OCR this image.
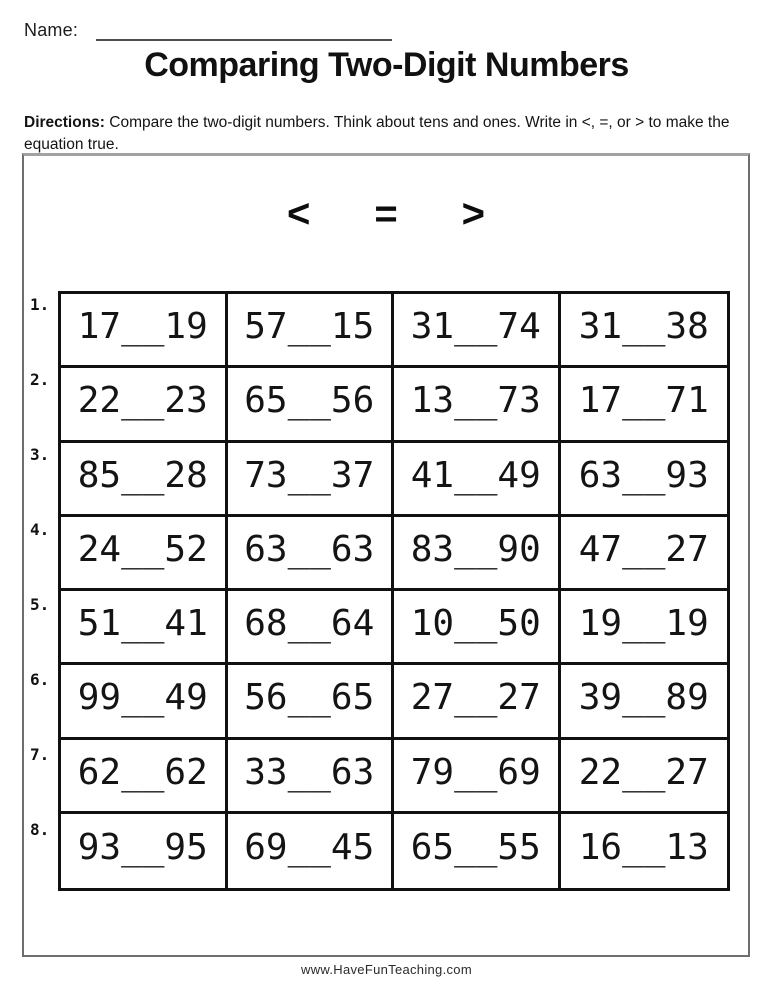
Name:
Comparing Two-Digit Numbers

Directions: Compare the two-digit numbers. Think about tens and ones. Write in <, =, or > to make the equation true.

< = >
1.
2.
3.
4.
5.
6.
7.
8.
17__19	57__15	31__74	31__38
22__23	65__56	13__73	17__71
85__28	73__37	41__49	63__93
24__52	63__63	83__90	47__27
51__41	68__64	10__50	19__19
99__49	56__65	27__27	39__89
62__62	33__63	79__69	22__27
93__95	69__45	65__55	16__13
www.HaveFunTeaching.com
